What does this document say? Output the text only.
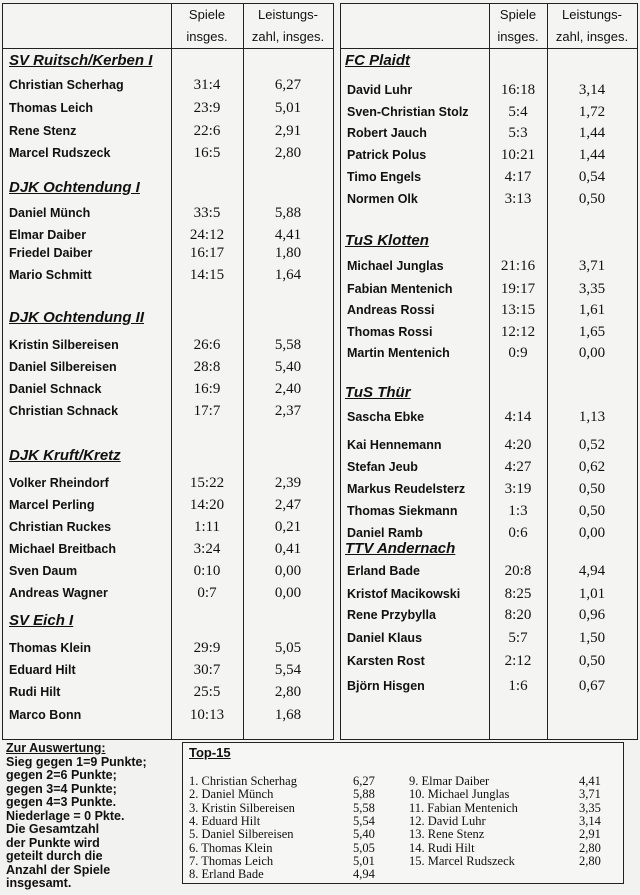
Spiele
insges.
Leistungs-
zahl, insges.
SV Ruitsch/Kerben I
Christian Scherhag	31:4	6,27
Thomas Leich	23:9	5,01
Rene Stenz	22:6	2,91
Marcel Rudszeck	16:5	2,80
DJK Ochtendung I
Daniel Münch	33:5	5,88
Elmar Daiber	24:12	4,41
Friedel Daiber	16:17	1,80
Mario Schmitt	14:15	1,64
DJK Ochtendung II
Kristin Silbereisen	26:6	5,58
Daniel Silbereisen	28:8	5,40
Daniel Schnack	16:9	2,40
Christian Schnack	17:7	2,37
DJK Kruft/Kretz
Volker Rheindorf	15:22	2,39
Marcel Perling	14:20	2,47
Christian Ruckes	1:11	0,21
Michael Breitbach	3:24	0,41
Sven Daum	0:10	0,00
Andreas Wagner	0:7	0,00
SV Eich I
Thomas Klein	29:9	5,05
Eduard Hilt	30:7	5,54
Rudi Hilt	25:5	2,80
Marco Bonn	10:13	1,68
Spiele
insges.
Leistungs-
zahl, insges.
FC Plaidt
David Luhr	16:18	3,14
Sven-Christian Stolz	5:4	1,72
Robert Jauch	5:3	1,44
Patrick Polus	10:21	1,44
Timo Engels	4:17	0,54
Normen Olk	3:13	0,50
TuS Klotten
Michael Junglas	21:16	3,71
Fabian Mentenich	19:17	3,35
Andreas Rossi	13:15	1,61
Thomas Rossi	12:12	1,65
Martin Mentenich	0:9	0,00
TuS Thür
Sascha Ebke	4:14	1,13
Kai Hennemann	4:20	0,52
Stefan Jeub	4:27	0,62
Markus Reudelsterz	3:19	0,50
Thomas Siekmann	1:3	0,50
Daniel Ramb	0:6	0,00
TTV Andernach
Erland Bade	20:8	4,94
Kristof Macikowski	8:25	1,01
Rene Przybylla	8:20	0,96
Daniel Klaus	5:7	1,50
Karsten Rost	2:12	0,50
Björn Hisgen	1:6	0,67
Zur Auswertung:
Sieg gegen 1=9 Punkte;
gegen 2=6 Punkte;
gegen 3=4 Punkte;
gegen 4=3 Punkte.
Niederlage = 0 Pkte.
Die Gesamtzahl
der Punkte wird
geteilt durch die
Anzahl der Spiele
insgesamt.
Top-15
1. Christian Scherhag	6,27
2. Daniel Münch	5,88
3. Kristin Silbereisen	5,58
4. Eduard Hilt	5,54
5. Daniel Silbereisen	5,40
6. Thomas Klein	5,05
7. Thomas Leich	5,01
8. Erland Bade	4,94
9. Elmar Daiber	4,41
10. Michael Junglas	3,71
11. Fabian Mentenich	3,35
12. David Luhr	3,14
13. Rene Stenz	2,91
14. Rudi Hilt	2,80
15. Marcel Rudszeck	2,80
